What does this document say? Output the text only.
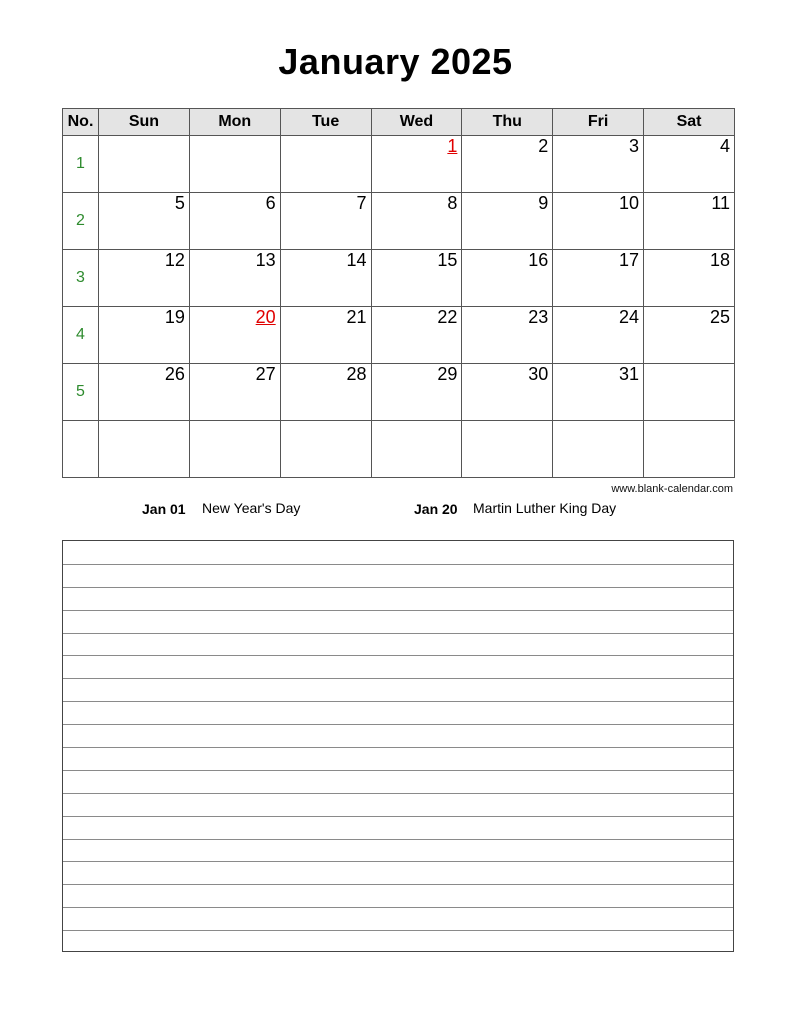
January 2025
No.	Sun	Mon	Tue	Wed	Thu	Fri	Sat
1				1	2	3	4

2	5	6	7	8	9	10	11

3	12	13	14	15	16	17	18

4	19	20	21	22	23	24	25

5	26	27	28	29	30	31	

www.blank-calendar.com
Jan 01 New Year's Day	Jan 20 Martin Luther King Day
